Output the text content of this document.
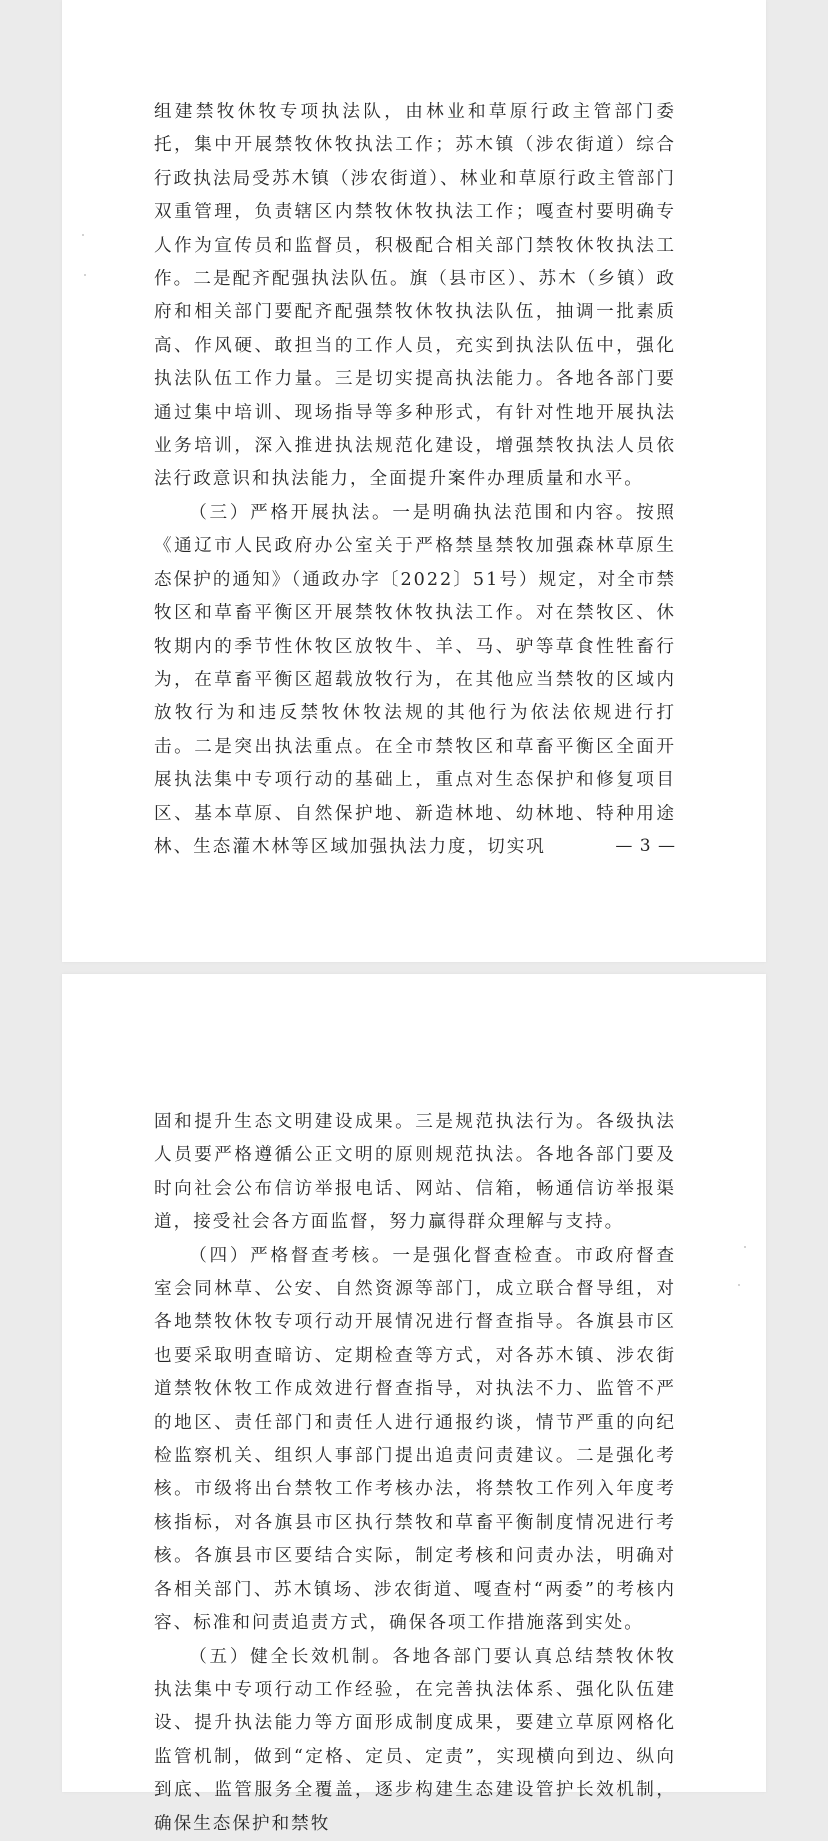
组建禁牧休牧专项执法队，由林业和草原行政主管部门委托，集中开展禁牧休牧执法工作；苏木镇（涉农街道）综合行政执法局受苏木镇（涉农街道）、林业和草原行政主管部门双重管理，负责辖区内禁牧休牧执法工作；嘎查村要明确专人作为宣传员和监督员，积极配合相关部门禁牧休牧执法工作。二是配齐配强执法队伍。旗（县市区）、苏木（乡镇）政府和相关部门要配齐配强禁牧休牧执法队伍，抽调一批素质高、作风硬、敢担当的工作人员，充实到执法队伍中，强化执法队伍工作力量。三是切实提高执法能力。各地各部门要通过集中培训、现场指导等多种形式，有针对性地开展执法业务培训，深入推进执法规范化建设，增强禁牧执法人员依法行政意识和执法能力，全面提升案件办理质量和水平。

（三）严格开展执法。一是明确执法范围和内容。按照《通辽市人民政府办公室关于严格禁垦禁牧加强森林草原生态保护的通知》（通政办字〔2022〕51号）规定，对全市禁牧区和草畜平衡区开展禁牧休牧执法工作。对在禁牧区、休牧期内的季节性休牧区放牧牛、羊、马、驴等草食性牲畜行为，在草畜平衡区超载放牧行为，在其他应当禁牧的区域内放牧行为和违反禁牧休牧法规的其他行为依法依规进行打击。二是突出执法重点。在全市禁牧区和草畜平衡区全面开展执法集中专项行动的基础上，重点对生态保护和修复项目区、基本草原、自然保护地、新造林地、幼林地、特种用途林、生态灌木林等区域加强执法力度，切实巩	— 3 —

固和提升生态文明建设成果。三是规范执法行为。各级执法人员要严格遵循公正文明的原则规范执法。各地各部门要及时向社会公布信访举报电话、网站、信箱，畅通信访举报渠道，接受社会各方面监督，努力赢得群众理解与支持。

（四）严格督查考核。一是强化督查检查。市政府督查室会同林草、公安、自然资源等部门，成立联合督导组，对各地禁牧休牧专项行动开展情况进行督查指导。各旗县市区也要采取明查暗访、定期检查等方式，对各苏木镇、涉农街道禁牧休牧工作成效进行督查指导，对执法不力、监管不严的地区、责任部门和责任人进行通报约谈，情节严重的向纪检监察机关、组织人事部门提出追责问责建议。二是强化考核。市级将出台禁牧工作考核办法，将禁牧工作列入年度考核指标，对各旗县市区执行禁牧和草畜平衡制度情况进行考核。各旗县市区要结合实际，制定考核和问责办法，明确对各相关部门、苏木镇场、涉农街道、嘎查村“两委”的考核内容、标准和问责追责方式，确保各项工作措施落到实处。

（五）健全长效机制。各地各部门要认真总结禁牧休牧执法集中专项行动工作经验，在完善执法体系、强化队伍建设、提升执法能力等方面形成制度成果，要建立草原网格化监管机制，做到“定格、定员、定责”，实现横向到边、纵向到底、监管服务全覆盖，逐步构建生态建设管护长效机制，确保生态保护和禁牧
